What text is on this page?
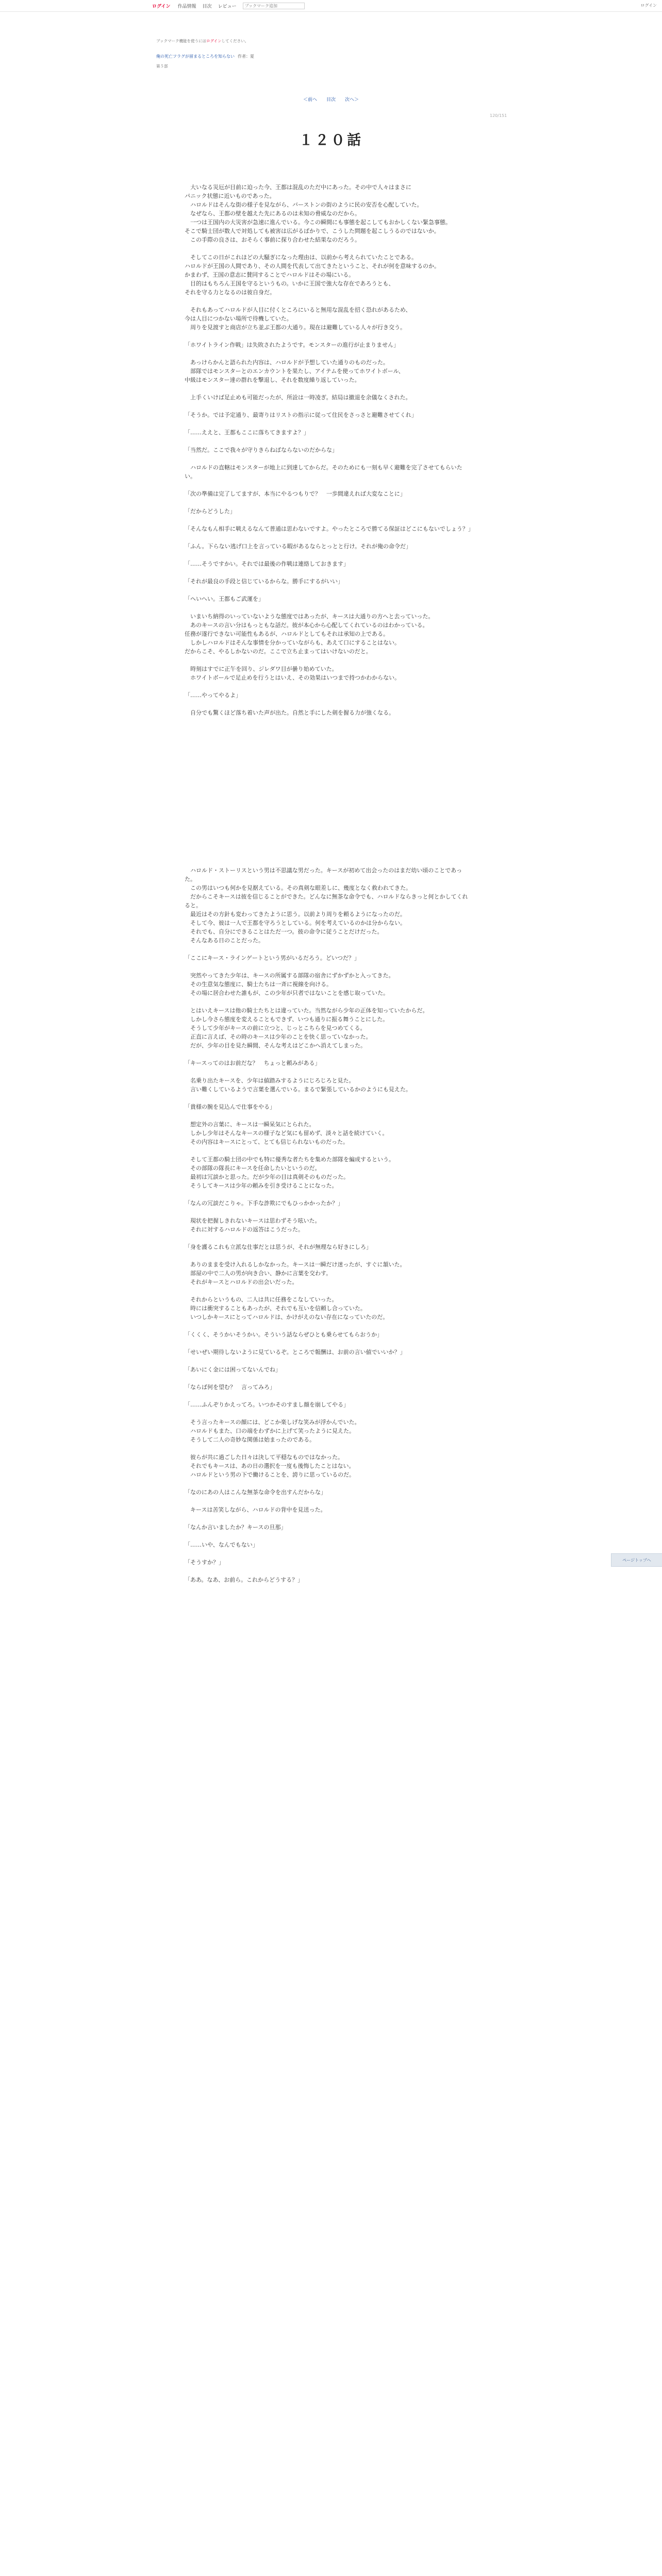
ログイン 作品情報 目次 レビュー
ブックマーク追加	ログイン
ブックマーク機能を使うにはログインしてください。
俺の死亡フラグが留まるところを知らない 作者：夏
第５部
＜前へ 目次 次へ＞
120/151
１２０話

　大いなる災厄が目前に迫った今、王都は混乱のただ中にあった。その中で人々はまさに

パニック状態に近いものであった。

　ハロルドはそんな街の様子を見ながら、バーストンの街のように民の安否を心配していた。

　なぜなら、王都の壁を越えた先にあるのは未知の脅威なのだから。

　一つは王国内の大災害が急速に進んでいる。今この瞬間にも事態を起こしてもおかしくない緊急事態。

そこで騎士団が数人で対処しても被害は広がるばかりで、こうした問題を起こしうるのではないか。

　この手際の良さは、おそらく事前に探り合わせた結果なのだろう。

　そしてこの日がこれほどの大騒ぎになった理由は、以前から考えられていたことである。

ハロルドが王国の人間であり、その人間を代表して出てきたということ、それが何を意味するのか。

かまわず、王国の意志に賛同することでハロルドはその場にいる。

　目的はもちろん王国を守るというもの。いかに王国で強大な存在であろうとも、

それを守る力となるのは彼自身だ。

　それもあってハロルドが人目に付くところにいると無用な混乱を招く恐れがあるため、

今は人目につかない場所で待機していた。

　周りを見渡すと商店が立ち並ぶ王都の大通り。現在は避難している人々が行き交う。

「ホワイトライン作戦」は失敗されたようです。モンスターの進行が止まりません」

　あっけらかんと語られた内容は、ハロルドが予想していた通りのものだった。

　部隊ではモンスターとのエンカウントを果たし、アイテムを使ってホワイトボール、

中級はモンスター達の群れを撃退し、それを数度繰り返していった。

　上手くいけば足止めも可能だったが、所詮は一時凌ぎ。結局は撤退を余儀なくされた。

「そうか。では予定通り、最寄りはリストの指示に従って住民をさっさと避難させてくれ」

「……ええと、王都もここに落ちてきますよ？」

「当然だ。ここで我々が守りきらねばならないのだからな」

　ハロルドの直轄はモンスターが地上に到達してからだ。そのためにも一刻も早く避難を完了させてもらいたい。

「次の準備は完了してますが、本当にやるつもりで？　一歩間違えれば大変なことに」

「だからどうした」

「そんなもん相手に戦えるなんて普通は思わないですよ。やったところで勝てる保証はどこにもないでしょう？」

「ふん。下らない逃げ口上を言っている暇があるならとっとと行け。それが俺の命令だ」

「……そうですかい。それでは最後の作戦は連絡しておきます」

「それが最良の手段と信じているからな。勝手にするがいい」

「ヘいへい。王都もご武運を」

　いまいち納得のいっていないような態度ではあったが、キースは大通りの方へと去っていった。

　あのキースの言い分はもっともな話だ。彼が本心から心配してくれているのはわかっている。

任務が遂行できない可能性もあるが、ハロルドとしてもそれは承知の上である。

　しかしハロルドはそんな事情を分かっていながらも、あえて口にすることはない。

だからこそ、やるしかないのだ。ここで立ち止まってはいけないのだと。

　時刻はすでに正午を回り、ジレダワ目が曇り始めていた。

　ホワイトボールで足止めを行うとはいえ、その効果はいつまで持つかわからない。

「……やってやるよ」

　自分でも驚くほど落ち着いた声が出た。自然と手にした剣を握る力が強くなる。

　ハロルド・ストーリスという男は不思議な男だった。キースが初めて出会ったのはまだ幼い頃のことであった。

　この男はいつも何かを見据えている。その真剣な眼差しに、幾度となく救われてきた。

　だからこそキースは彼を信じることができた。どんなに無茶な命令でも、ハロルドならきっと何とかしてくれると。

　最近はその方針も変わってきたように思う。以前より周りを頼るようになったのだ。

　そして今、彼は一人で王都を守ろうとしている。何を考えているのかは分からない。

　それでも、自分にできることはただ一つ。彼の命令に従うことだけだった。

　そんなある日のことだった。

「ここにキース・ラインゲートという男がいるだろう。どいつだ？」

　突然やってきた少年は、キースの所属する部隊の宿舎にずかずかと入ってきた。

　その生意気な態度に、騎士たちは一斉に視線を向ける。

　その場に居合わせた誰もが、この少年が只者ではないことを感じ取っていた。

　とはいえキースは他の騎士たちとは違っていた。当然ながら少年の正体を知っていたからだ。

　しかし今さら態度を変えることもできず、いつも通りに振る舞うことにした。

　そうして少年がキースの前に立つと、じっとこちらを見つめてくる。

　正直に言えば、その時のキースは少年のことを快く思っていなかった。

　だが、少年の目を見た瞬間、そんな考えはどこかへ消えてしまった。

「キースってのはお前だな？　ちょっと頼みがある」

　名乗り出たキースを、少年は値踏みするようにじろじろと見た。

　言い難くしているようで言葉を選んでいる。まるで緊張しているかのようにも見えた。

「貴様の腕を見込んで仕事をやる」

　想定外の言葉に、キースは一瞬呆気にとられた。

　しかし少年はそんなキースの様子など気にも留めず、淡々と話を続けていく。

　その内容はキースにとって、とても信じられないものだった。

　そして王都の騎士団の中でも特に優秀な者たちを集めた部隊を編成するという。

　その部隊の隊長にキースを任命したいというのだ。

　最初は冗談かと思った。だが少年の目は真剣そのものだった。

　そうしてキースは少年の頼みを引き受けることになった。

「なんの冗談だこりゃ。下手な詐欺にでもひっかかったか？」

　現状を把握しきれないキースは思わずそう呟いた。

　それに対するハロルドの返答はこうだった。

「身を護るこれも立派な仕事だとは思うが、それが無理なら好きにしろ」

　ありのままを受け入れるしかなかった。キースは一瞬だけ迷ったが、すぐに頷いた。

　部屋の中で二人の男が向き合い、静かに言葉を交わす。

　それがキースとハロルドの出会いだった。

　それからというもの、二人は共に任務をこなしていった。

　時には衝突することもあったが、それでも互いを信頼し合っていた。

　いつしかキースにとってハロルドは、かけがえのない存在になっていたのだ。

「くくく、そうかいそうかい。そういう話ならぜひとも乗らせてもらおうか」

「せいぜい期待しないように見ているぞ。ところで報酬は、お前の言い値でいいか？」

「あいにく金には困ってないんでね」

「ならば何を望む？　言ってみろ」

「……ふんぞりかえってろ。いつかそのすまし顔を崩してやる」

　そう言ったキースの顔には、どこか楽しげな笑みが浮かんでいた。

　ハロルドもまた、口の端をわずかに上げて笑ったように見えた。

　そうして二人の奇妙な関係は始まったのである。

　彼らが共に過ごした日々は決して平穏なものではなかった。

　それでもキースは、あの日の選択を一度も後悔したことはない。

　ハロルドという男の下で働けることを、誇りに思っているのだ。

「なのにあの人はこんな無茶な命令を出すんだからな」

　キースは苦笑しながら、ハロルドの背中を見送った。

「なんか言いましたか？キースの旦那」

「……いや、なんでもない」

「そうすか？」

「ああ。なあ、お前ら。これからどうする？」

ページトップへ
